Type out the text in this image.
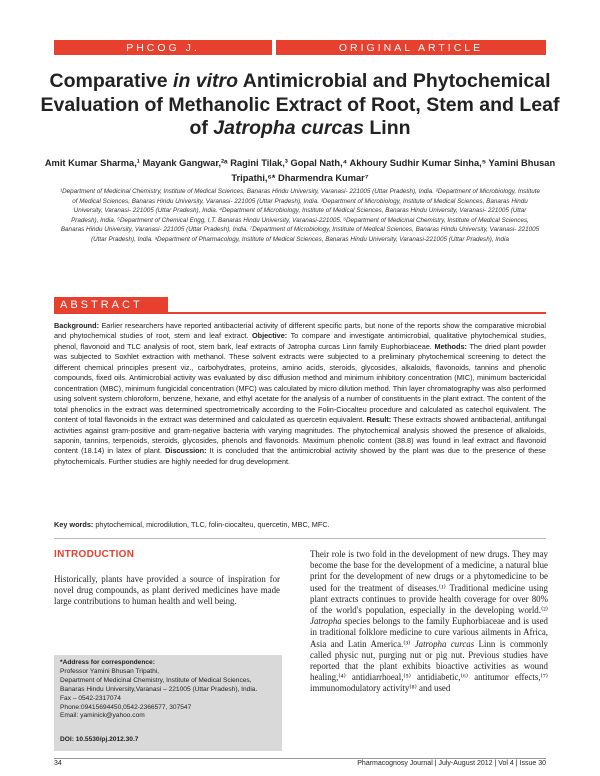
PHCOG J.	ORIGINAL ARTICLE
Comparative in vitro Antimicrobial and Phytochemical Evaluation of Methanolic Extract of Root, Stem and Leaf of Jatropha curcas Linn
Amit Kumar Sharma,¹ Mayank Gangwar,²ᵃ Ragini Tilak,³ Gopal Nath,⁴ Akhoury Sudhir Kumar Sinha,⁵ Yamini Bhusan Tripathi,⁶* Dharmendra Kumar⁷
¹Department of Medicinal Chemistry, Institute of Medical Sciences, Banaras Hindu University, Varanasi- 221005 (Uttar Pradesh), India. ²Department of Microbiology, Institute of Medical Sciences, Banaras Hindu University, Varanasi- 221005 (Uttar Pradesh), India. ³Department of Microbiology, Institute of Medical Sciences, Banaras Hindu University, Varanasi- 221005 (Uttar Pradesh), India. ⁴Department of Microbiology, Institute of Medical Sciences, Banaras Hindu University, Varanasi- 221005 (Uttar Pradesh), India. ⁵Department of Chemical Engg, I.T. Banaras Hindu University, Varanasi-221005. ⁶Department of Medicinal Chemistry, Institute of Medical Sciences, Banaras Hindu University, Varanasi- 221005 (Uttar Pradesh), India. ⁷Department of Microbiology, Institute of Medical Sciences, Banaras Hindu University, Varanasi- 221005 (Uttar Pradesh), India. ᵃDepartment of Pharmacology, Institute of Medical Sciences, Banaras Hindu University, Varanasi-221005 (Uttar Pradesh), India
ABSTRACT
Background: Earlier researchers have reported antibacterial activity of different specific parts, but none of the reports show the comparative microbial and phytochemical studies of root, stem and leaf extract. Objective: To compare and investigate antimicrobial, qualitative phytochemical studies, phenol, flavonoid and TLC analysis of root, stem bark, leaf extracts of Jatropha curcas Linn family Euphorbiaceae. Methods: The dried plant powder was subjected to Soxhlet extraction with methanol. These solvent extracts were subjected to a preliminary phytochemical screening to detect the different chemical principles present viz., carbohydrates, proteins, amino acids, steroids, glycosides, alkaloids, flavonoids, tannins and phenolic compounds, fixed oils. Antimicrobial activity was evaluated by disc diffusion method and minimum inhibitory concentration (MIC), minimum bactericidal concentration (MBC), minimum fungicidal concentration (MFC) was calculated by micro dilution method. Thin layer chromatography was also performed using solvent system chloroform, benzene, hexane, and ethyl acetate for the analysis of a number of constituents in the plant extract. The content of the total phenolics in the extract was determined spectrometrically according to the Folin-Ciocalteu procedure and calculated as catechol equivalent. The content of total flavonoids in the extract was determined and calculated as quercetin equivalent. Result: These extracts showed antibacterial, antifungal activities against gram-positive and gram-negative bacteria with varying magnitudes. The phytochemical analysis showed the presence of alkaloids, saponin, tannins, terpenoids, steroids, glycosides, phenols and flavonoids. Maximum phenolic content (38.8) was found in leaf extract and flavonoid content (18.14) in latex of plant. Discussion: It is concluded that the antimicrobial activity showed by the plant was due to the presence of these phytochemicals. Further studies are highly needed for drug development.
Key words: phytochemical, microdilution, TLC, folin-ciocalteu, quercetin, MBC, MFC.
INTRODUCTION
Historically, plants have provided a source of inspiration for novel drug compounds, as plant derived medicines have made large contributions to human health and well being.
*Address for correspondence:
Professor Yamini Bhusan Tripathi,
Department of Medicinal Chemistry, Institute of Medical Sciences,
Banaras Hindu University,Varanasi – 221005 (Uttar Pradesh), India.
Fax – 0542-2317074
Phone:09415694450,0542-2366577, 307547
Email: yaminick@yahoo.com
DOI: 10.5530/pj.2012.30.7
Their role is two fold in the development of new drugs. They may become the base for the development of a medicine, a natural blue print for the development of new drugs or a phytomedicine to be used for the treatment of diseases.⁽¹⁾ Traditional medicine using plant extracts continues to provide health coverage for over 80% of the world's population, especially in the developing world.⁽²⁾ Jatropha species belongs to the family Euphorbiaceae and is used in traditional folklore medicine to cure various ailments in Africa, Asia and Latin America.⁽³⁾ Jatropha curcas Linn is commonly called physic nut, purging nut or pig nut. Previous studies have reported that the plant exhibits bioactive activities as wound healing,⁽⁴⁾ antidiarrhoeal,⁽⁵⁾ antidiabetic,⁽⁶⁾ antitumor effects,⁽⁷⁾ immunomodulatory activity⁽⁸⁾ and used
34	Pharmacognosy Journal | July-August 2012 | Vol 4 | Issue 30
